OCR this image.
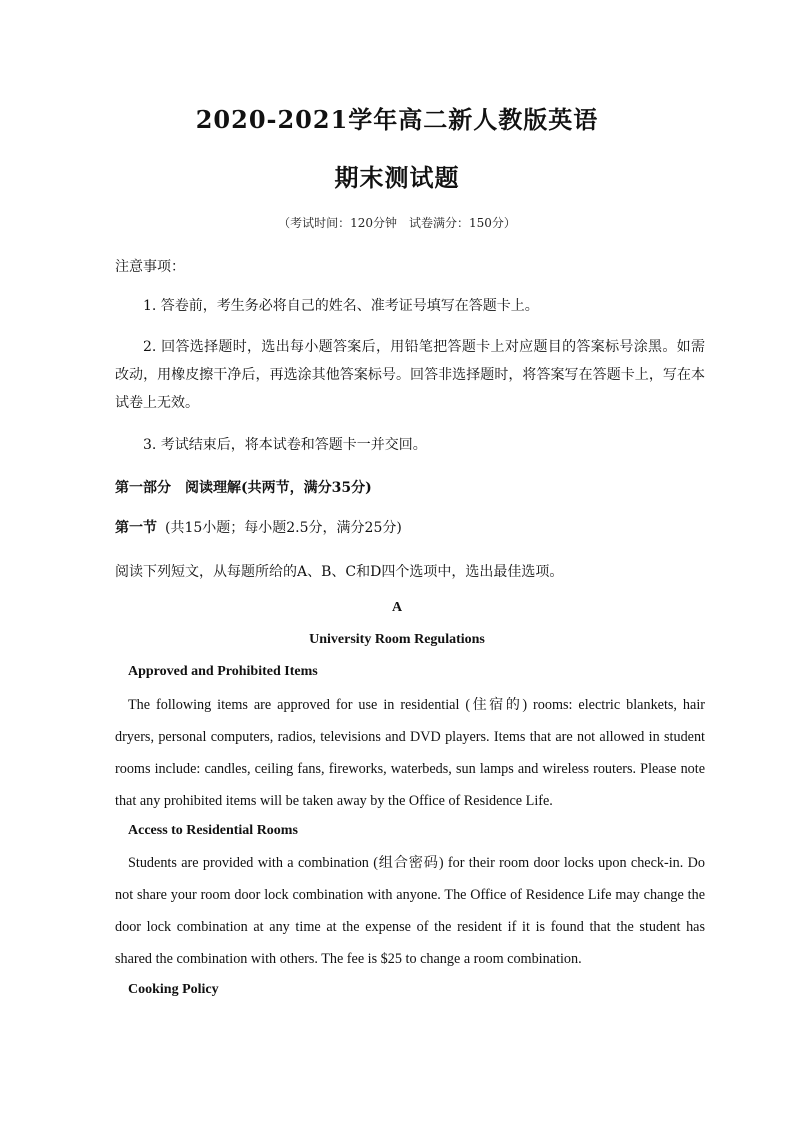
2020-2021学年高二新人教版英语
期末测试题
（考试时间：120分钟　试卷满分：150分）
注意事项：
1. 答卷前，考生务必将自己的姓名、准考证号填写在答题卡上。
2. 回答选择题时，选出每小题答案后，用铅笔把答题卡上对应题目的答案标号涂黑。如需改动，用橡皮擦干净后，再选涂其他答案标号。回答非选择题时，将答案写在答题卡上，写在本试卷上无效。
3. 考试结束后，将本试卷和答题卡一并交回。
第一部分　阅读理解(共两节，满分35分)
第一节 (共15小题；每小题2.5分，满分25分)
阅读下列短文，从每题所给的A、B、C和D四个选项中，选出最佳选项。
A
University Room Regulations
Approved and Prohibited Items
The following items are approved for use in residential (住宿的) rooms: electric blankets, hair dryers, personal computers, radios, televisions and DVD players. Items that are not allowed in student rooms include: candles, ceiling fans, fireworks, waterbeds, sun lamps and wireless routers. Please note that any prohibited items will be taken away by the Office of Residence Life.
Access to Residential Rooms
Students are provided with a combination (组合密码) for their room door locks upon check-in. Do not share your room door lock combination with anyone. The Office of Residence Life may change the door lock combination at any time at the expense of the resident if it is found that the student has shared the combination with others. The fee is $25 to change a room combination.
Cooking Policy
